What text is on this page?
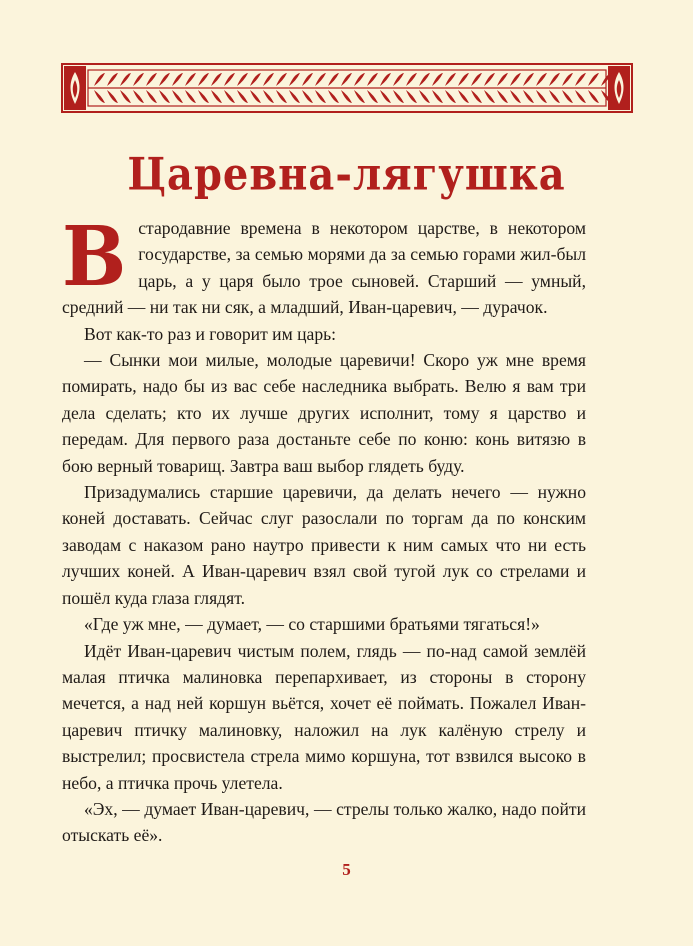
Царевна-лягушка

Встародавние времена в некотором царстве, в некотором государстве, за семью морями да за семью горами жил-был царь, а у царя было трое сыновей. Старший — умный, средний — ни так ни сяк, а младший, Иван-царевич, — дурачок.

Вот как-то раз и говорит им царь:

— Сынки мои милые, молодые царевичи! Скоро уж мне время помирать, надо бы из вас себе наследника выбрать. Велю я вам три дела сделать; кто их лучше других исполнит, тому я царство и передам. Для первого раза достаньте себе по коню: конь витязю в бою верный товарищ. Завтра ваш выбор глядеть буду.

Призадумались старшие царевичи, да делать нечего — нужно коней доставать. Сейчас слуг разослали по торгам да по конским заводам с наказом рано наутро привести к ним самых что ни есть лучших коней. А Иван-царевич взял свой тугой лук со стрелами и пошёл куда глаза глядят.

«Где уж мне, — думает, — со старшими братьями тягаться!»

Идёт Иван-царевич чистым полем, глядь — по-над самой землёй малая птичка малиновка перепархивает, из стороны в сторону мечется, а над ней коршун вьётся, хочет её поймать. Пожалел Иван-царевич птичку малиновку, наложил на лук калёную стрелу и выстрелил; просвистела стрела мимо коршуна, тот взвился высоко в небо, а птичка прочь улетела.

«Эх, — думает Иван-царевич, — стрелы только жалко, надо пойти отыскать её».

5
